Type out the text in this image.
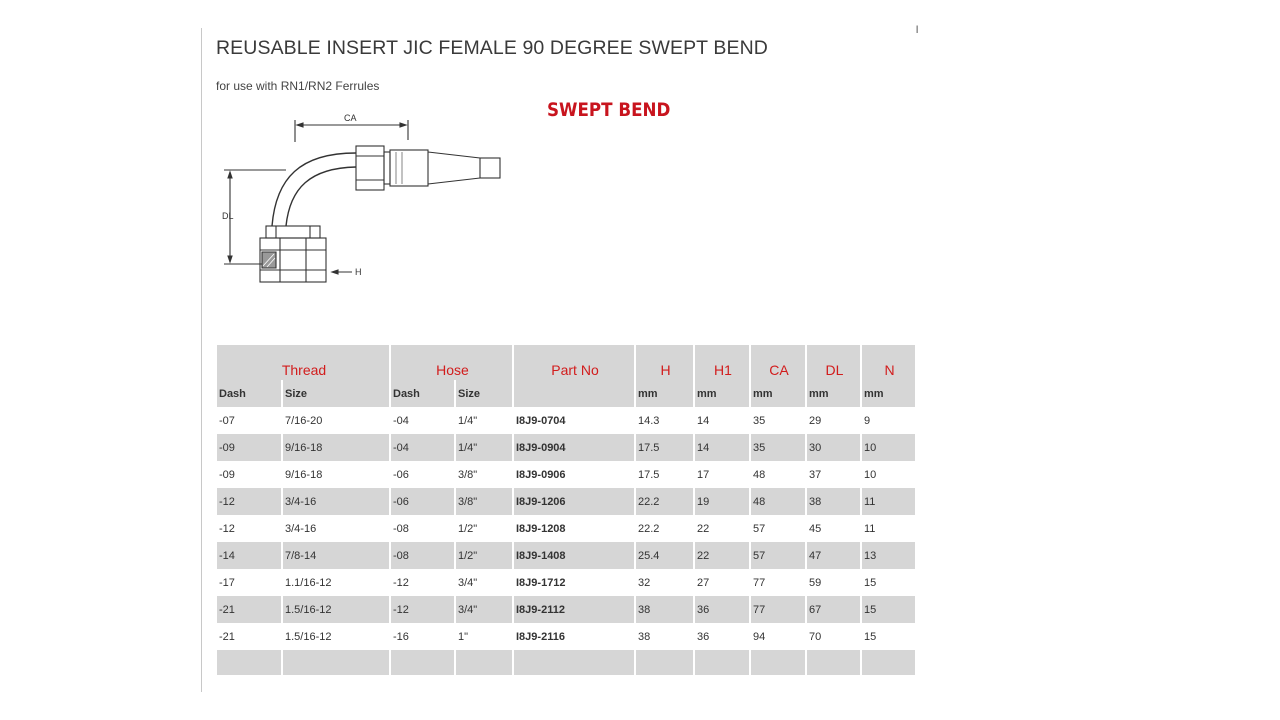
l
REUSABLE INSERT JIC FEMALE 90 DEGREE SWEPT BEND
for use with RN1/RN2 Ferrules
SWEPT BEND
CA
DL
H
Thread		Hose		Part No	H	H1	CA	DL	N
Dash	Size	Dash	Size		mm	mm	mm	mm	mm
-07	7/16-20	-04	1/4"	I8J9-0704	14.3	14	35	29	9
-09	9/16-18	-04	1/4"	I8J9-0904	17.5	14	35	30	10
-09	9/16-18	-06	3/8"	I8J9-0906	17.5	17	48	37	10
-12	3/4-16	-06	3/8"	I8J9-1206	22.2	19	48	38	11
-12	3/4-16	-08	1/2"	I8J9-1208	22.2	22	57	45	11
-14	7/8-14	-08	1/2"	I8J9-1408	25.4	22	57	47	13
-17	1.1/16-12	-12	3/4"	I8J9-1712	32	27	77	59	15
-21	1.5/16-12	-12	3/4"	I8J9-2112	38	36	77	67	15
-21	1.5/16-12	-16	1"	I8J9-2116	38	36	94	70	15
